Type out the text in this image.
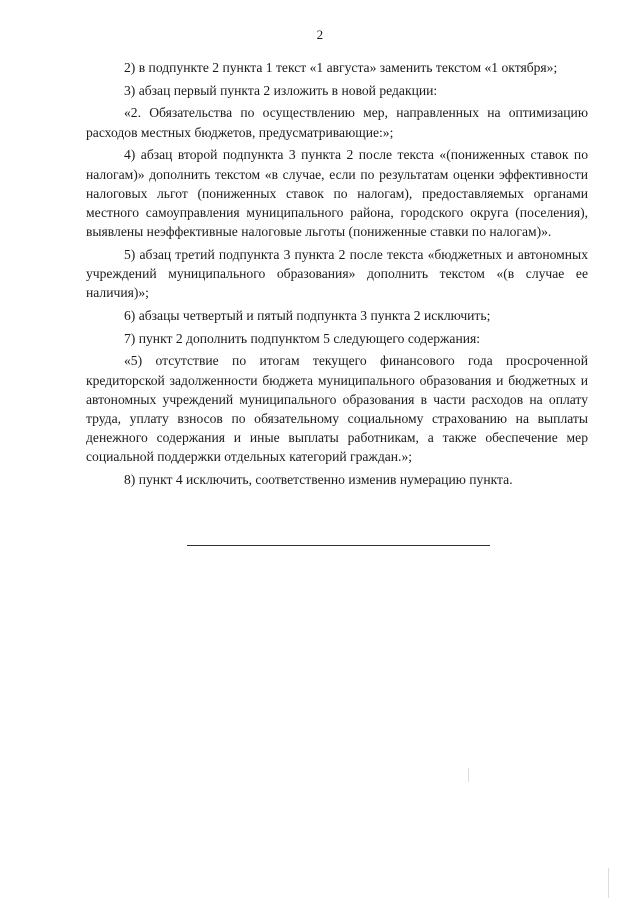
2

2) в подпункте 2 пункта 1 текст «1 августа» заменить текстом «1 октября»;

3) абзац первый пункта 2 изложить в новой редакции:

«2. Обязательства по осуществлению мер, направленных на оптимизацию расходов местных бюджетов, предусматривающие:»;

4) абзац второй подпункта 3 пункта 2 после текста «(пониженных ставок по налогам)» дополнить текстом «в случае, если по результатам оценки эффективности налоговых льгот (пониженных ставок по налогам), предоставляемых органами местного самоуправления муниципального района, городского округа (поселения), выявлены неэффективные налоговые льготы (пониженные ставки по налогам)».

5) абзац третий подпункта 3 пункта 2 после текста «бюджетных и автономных учреждений муниципального образования» дополнить текстом «(в случае ее наличия)»;

6) абзацы четвертый и пятый подпункта 3 пункта 2 исключить;

7) пункт 2 дополнить подпунктом 5 следующего содержания:

«5) отсутствие по итогам текущего финансового года просроченной кредиторской задолженности бюджета муниципального образования и бюджетных и автономных учреждений муниципального образования в части расходов на оплату труда, уплату взносов по обязательному социальному страхованию на выплаты денежного содержания и иные выплаты работникам, а также обеспечение мер социальной поддержки отдельных категорий граждан.»;

8) пункт 4 исключить, соответственно изменив нумерацию пункта.
